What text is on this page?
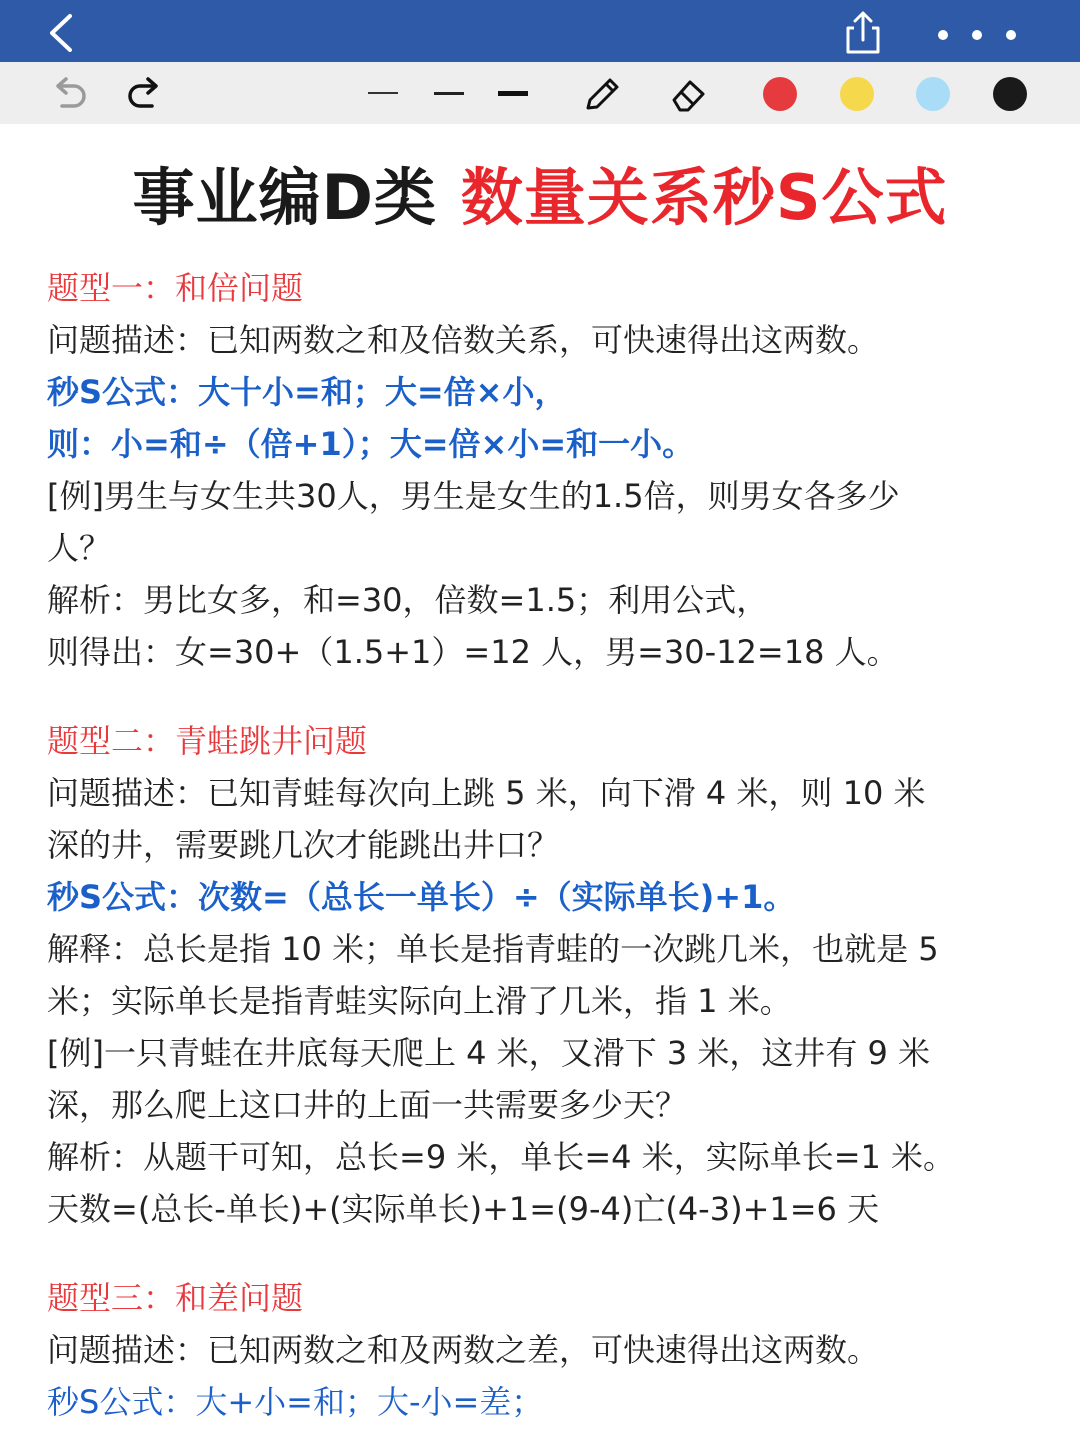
事业编D类 数量关系秒S公式
题型一：和倍问题
问题描述：已知两数之和及倍数关系，可快速得出这两数。
秒S公式：大十小=和；大=倍×小，
则：小=和÷（倍+1）；大=倍×小=和一小。
[例]男生与女生共30人，男生是女生的1.5倍，则男女各多少
人？
解析：男比女多，和=30，倍数=1.5；利用公式，
则得出：女=30+（1.5+1）=12 人，男=30-12=18 人。
题型二：青蛙跳井问题
问题描述：已知青蛙每次向上跳 5 米，向下滑 4 米，则 10 米
深的井，需要跳几次才能跳出井口？
秒S公式：次数=（总长一单长）÷（实际单长)+1。
解释：总长是指 10 米；单长是指青蛙的一次跳几米，也就是 5
米；实际单长是指青蛙实际向上滑了几米，指 1 米。
[例]一只青蛙在井底每天爬上 4 米，又滑下 3 米，这井有 9 米
深，那么爬上这口井的上面一共需要多少天？
解析：从题干可知，总长=9 米，单长=4 米，实际单长=1 米。
天数=(总长-单长)+(实际单长)+1=(9-4)亡(4-3)+1=6 天
题型三：和差问题
问题描述：已知两数之和及两数之差，可快速得出这两数。
秒S公式：大+小=和；大-小=差；
